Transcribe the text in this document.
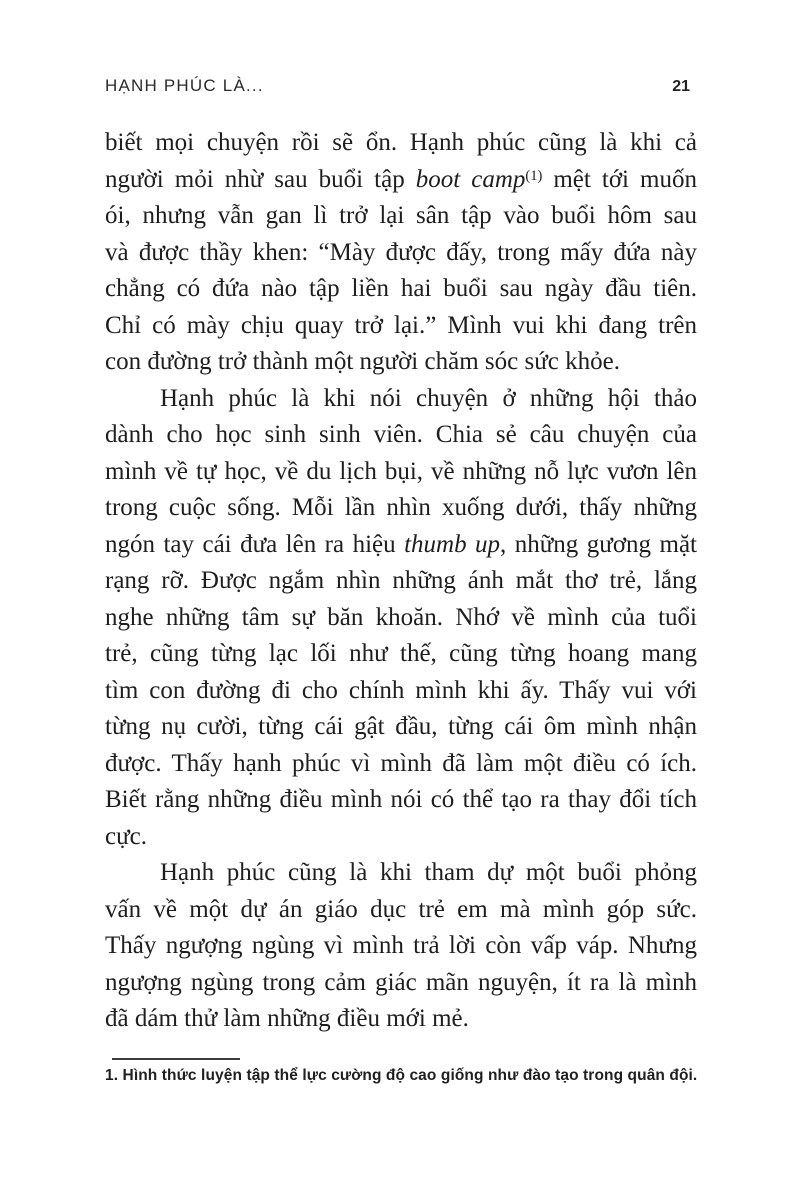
HẠNH PHÚC LÀ...	21
biết mọi chuyện rồi sẽ ổn. Hạnh phúc cũng là khi cả
người mỏi nhừ sau buổi tập boot camp$^{(1)}$ mệt tới muốn
ói, nhưng vẫn gan lì trở lại sân tập vào buổi hôm sau
và được thầy khen: “Mày được đấy, trong mấy đứa này
chẳng có đứa nào tập liền hai buổi sau ngày đầu tiên.
Chỉ có mày chịu quay trở lại.” Mình vui khi đang trên
con đường trở thành một người chăm sóc sức khỏe.
Hạnh phúc là khi nói chuyện ở những hội thảo
dành cho học sinh sinh viên. Chia sẻ câu chuyện của
mình về tự học, về du lịch bụi, về những nỗ lực vươn lên
trong cuộc sống. Mỗi lần nhìn xuống dưới, thấy những
ngón tay cái đưa lên ra hiệu thumb up, những gương mặt
rạng rỡ. Được ngắm nhìn những ánh mắt thơ trẻ, lắng
nghe những tâm sự băn khoăn. Nhớ về mình của tuổi
trẻ, cũng từng lạc lối như thế, cũng từng hoang mang
tìm con đường đi cho chính mình khi ấy. Thấy vui với
từng nụ cười, từng cái gật đầu, từng cái ôm mình nhận
được. Thấy hạnh phúc vì mình đã làm một điều có ích.
Biết rằng những điều mình nói có thể tạo ra thay đổi tích
cực.
Hạnh phúc cũng là khi tham dự một buổi phỏng
vấn về một dự án giáo dục trẻ em mà mình góp sức.
Thấy ngượng ngùng vì mình trả lời còn vấp váp. Nhưng
ngượng ngùng trong cảm giác mãn nguyện, ít ra là mình
đã dám thử làm những điều mới mẻ.
1. Hình thức luyện tập thể lực cường độ cao giống như đào tạo trong quân đội.
